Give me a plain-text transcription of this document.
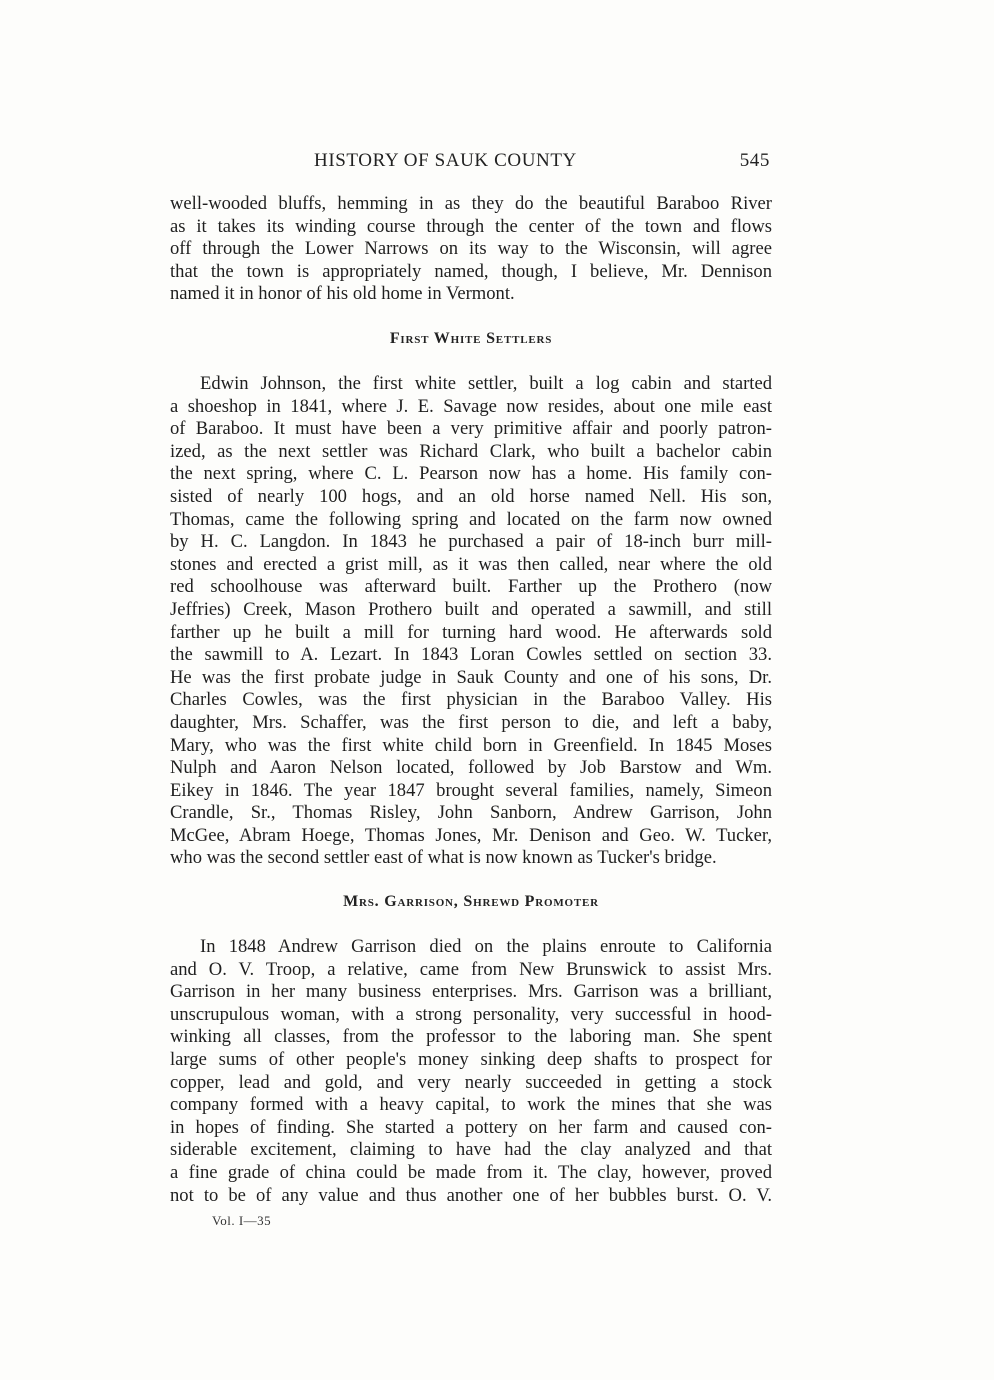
HISTORY OF SAUK COUNTY	545

well-wooded bluffs, hemming in as they do the beautiful Baraboo River
as it takes its winding course through the center of the town and flows
off through the Lower Narrows on its way to the Wisconsin, will agree
that the town is appropriately named, though, I believe, Mr. Dennison
named it in honor of his old home in Vermont.

First White Settlers

Edwin Johnson, the first white settler, built a log cabin and started
a shoeshop in 1841, where J. E. Savage now resides, about one mile east
of Baraboo. It must have been a very primitive affair and poorly patron-
ized, as the next settler was Richard Clark, who built a bachelor cabin
the next spring, where C. L. Pearson now has a home. His family con-
sisted of nearly 100 hogs, and an old horse named Nell. His son,
Thomas, came the following spring and located on the farm now owned
by H. C. Langdon. In 1843 he purchased a pair of 18-inch burr mill-
stones and erected a grist mill, as it was then called, near where the old
red schoolhouse was afterward built. Farther up the Prothero (now
Jeffries) Creek, Mason Prothero built and operated a sawmill, and still
farther up he built a mill for turning hard wood. He afterwards sold
the sawmill to A. Lezart. In 1843 Loran Cowles settled on section 33.
He was the first probate judge in Sauk County and one of his sons, Dr.
Charles Cowles, was the first physician in the Baraboo Valley. His
daughter, Mrs. Schaffer, was the first person to die, and left a baby,
Mary, who was the first white child born in Greenfield. In 1845 Moses
Nulph and Aaron Nelson located, followed by Job Barstow and Wm.
Eikey in 1846. The year 1847 brought several families, namely, Simeon
Crandle, Sr., Thomas Risley, John Sanborn, Andrew Garrison, John
McGee, Abram Hoege, Thomas Jones, Mr. Denison and Geo. W. Tucker,
who was the second settler east of what is now known as Tucker's bridge.

Mrs. Garrison, Shrewd Promoter

In 1848 Andrew Garrison died on the plains enroute to California
and O. V. Troop, a relative, came from New Brunswick to assist Mrs.
Garrison in her many business enterprises. Mrs. Garrison was a brilliant,
unscrupulous woman, with a strong personality, very successful in hood-
winking all classes, from the professor to the laboring man. She spent
large sums of other people's money sinking deep shafts to prospect for
copper, lead and gold, and very nearly succeeded in getting a stock
company formed with a heavy capital, to work the mines that she was
in hopes of finding. She started a pottery on her farm and caused con-
siderable excitement, claiming to have had the clay analyzed and that
a fine grade of china could be made from it. The clay, however, proved
not to be of any value and thus another one of her bubbles burst. O. V.

Vol. I—35
